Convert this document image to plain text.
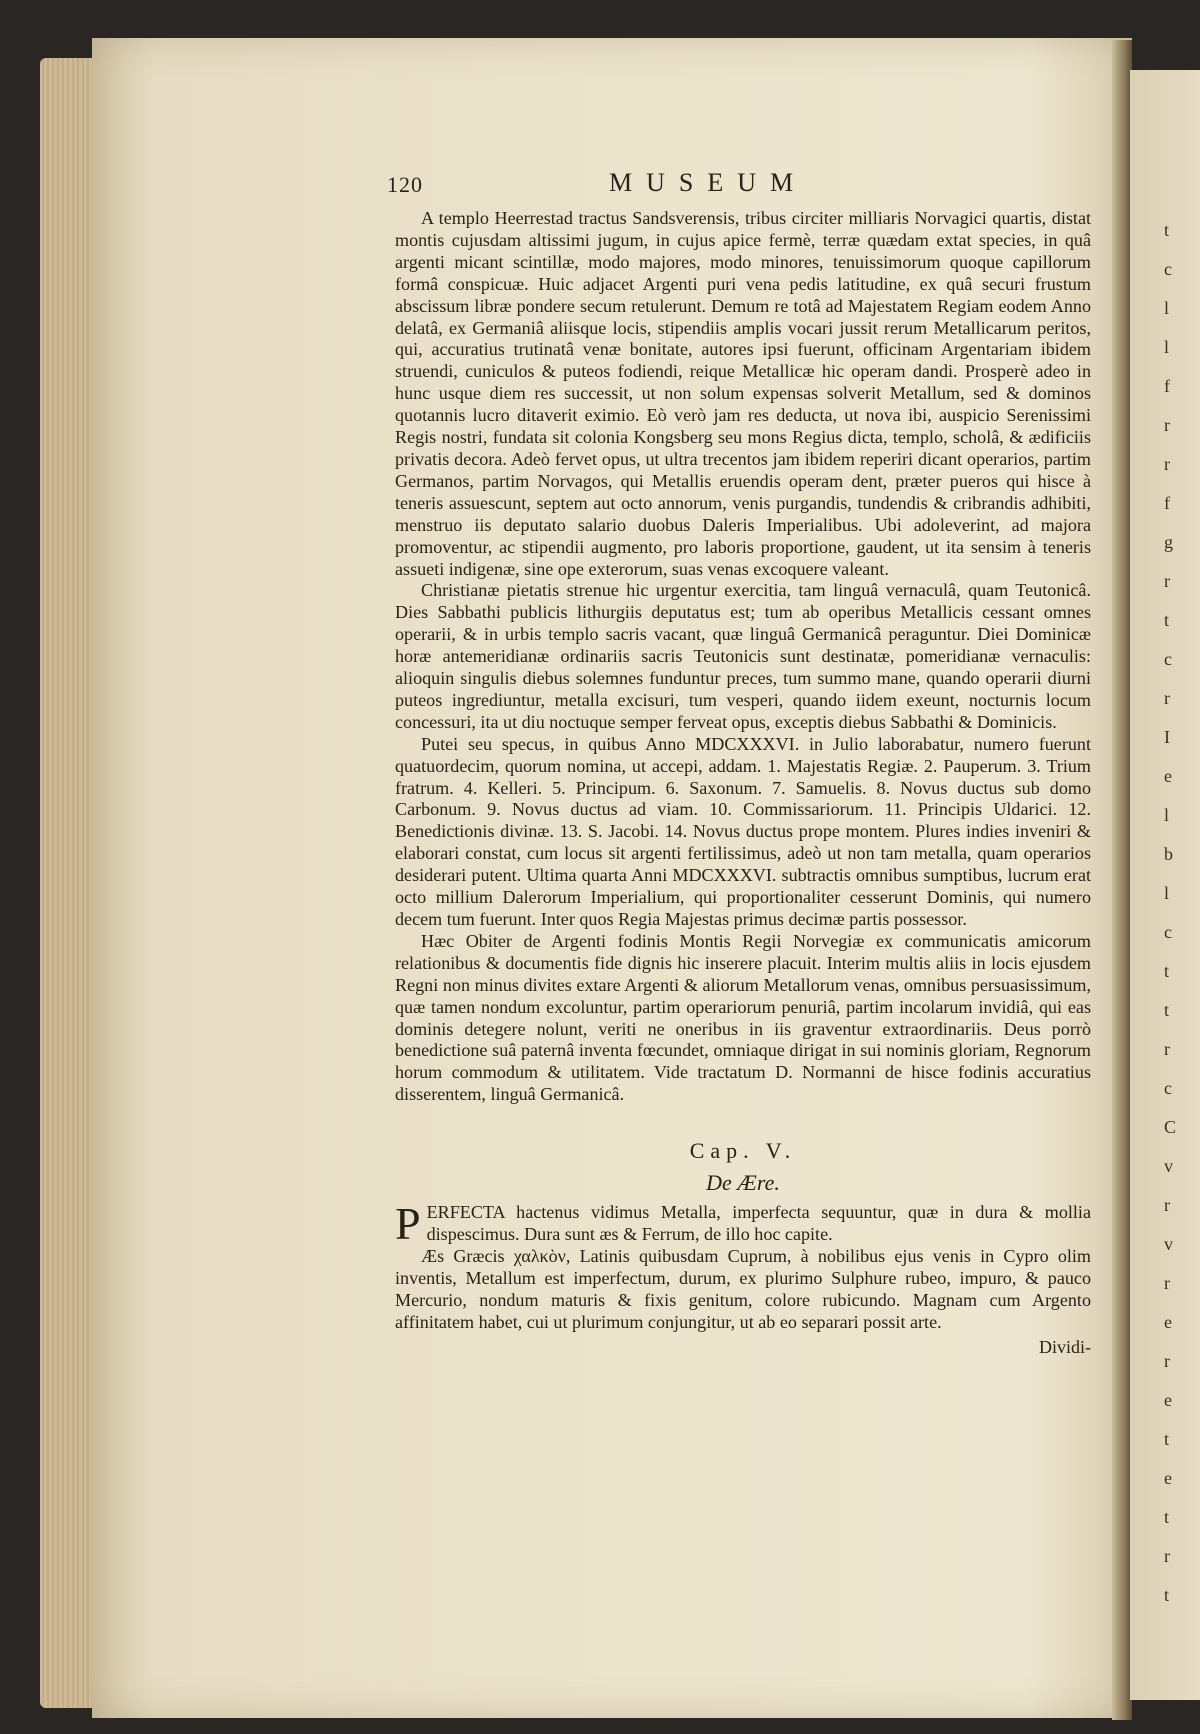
t
c
l
l
f
r
r
f
g
r
t
c
r
I
e
l
b
l
c
t
t
r
c
C
v
r
v
r
e
r
e
t
e
t
r
t
120	MUSEUM

A templo Heerrestad tractus Sandsverensis, tribus circiter milliaris Norvagici quartis, distat montis cujusdam altissimi jugum, in cujus apice fermè, terræ quædam extat species, in quâ argenti micant scintillæ, modo majores, modo minores, tenuissimorum quoque capillorum formâ conspicuæ. Huic adjacet Argenti puri vena pedis latitudine, ex quâ securi frustum abscissum libræ pondere secum retulerunt. Demum re totâ ad Majestatem Regiam eodem Anno delatâ, ex Germaniâ aliisque locis, stipendiis amplis vocari jussit rerum Metallicarum peritos, qui, accuratius trutinatâ venæ bonitate, autores ipsi fuerunt, officinam Argentariam ibidem struendi, cuniculos & puteos fodiendi, reique Metallicæ hic operam dandi. Prosperè adeo in hunc usque diem res successit, ut non solum expensas solverit Metallum, sed & dominos quotannis lucro ditaverit eximio. Eò verò jam res deducta, ut nova ibi, auspicio Serenissimi Regis nostri, fundata sit colonia Kongsberg seu mons Regius dicta, templo, scholâ, & ædificiis privatis decora. Adeò fervet opus, ut ultra trecentos jam ibidem reperiri dicant operarios, partim Germanos, partim Norvagos, qui Metallis eruendis operam dent, præter pueros qui hisce à teneris assuescunt, septem aut octo annorum, venis purgandis, tundendis & cribrandis adhibiti, menstruo iis deputato salario duobus Daleris Imperialibus. Ubi adoleverint, ad majora promoventur, ac stipendii augmento, pro laboris proportione, gaudent, ut ita sensim à teneris assueti indigenæ, sine ope exterorum, suas venas excoquere valeant.

Christianæ pietatis strenue hic urgentur exercitia, tam linguâ vernaculâ, quam Teutonicâ. Dies Sabbathi publicis lithurgiis deputatus est; tum ab operibus Metallicis cessant omnes operarii, & in urbis templo sacris vacant, quæ linguâ Germanicâ peraguntur. Diei Dominicæ horæ antemeridianæ ordinariis sacris Teutonicis sunt destinatæ, pomeridianæ vernaculis: alioquin singulis diebus solemnes funduntur preces, tum summo mane, quando operarii diurni puteos ingrediuntur, metalla excisuri, tum vesperi, quando iidem exeunt, nocturnis locum concessuri, ita ut diu noctuque semper ferveat opus, exceptis diebus Sabbathi & Dominicis.

Putei seu specus, in quibus Anno MDCXXXVI. in Julio laborabatur, numero fuerunt quatuordecim, quorum nomina, ut accepi, addam. 1. Majestatis Regiæ. 2. Pauperum. 3. Trium fratrum. 4. Kelleri. 5. Principum. 6. Saxonum. 7. Samuelis. 8. Novus ductus sub domo Carbonum. 9. Novus ductus ad viam. 10. Commissariorum. 11. Principis Uldarici. 12. Benedictionis divinæ. 13. S. Jacobi. 14. Novus ductus prope montem. Plures indies inveniri & elaborari constat, cum locus sit argenti fertilissimus, adeò ut non tam metalla, quam operarios desiderari putent. Ultima quarta Anni MDCXXXVI. subtractis omnibus sumptibus, lucrum erat octo millium Dalerorum Imperialium, qui proportionaliter cesserunt Dominis, qui numero decem tum fuerunt. Inter quos Regia Majestas primus decimæ partis possessor.

Hæc Obiter de Argenti fodinis Montis Regii Norvegiæ ex communicatis amicorum relationibus & documentis fide dignis hic inserere placuit. Interim multis aliis in locis ejusdem Regni non minus divites extare Argenti & aliorum Metallorum venas, omnibus persuasissimum, quæ tamen nondum excoluntur, partim operariorum penuriâ, partim incolarum invidiâ, qui eas dominis detegere nolunt, veriti ne oneribus in iis graventur extraordinariis. Deus porrò benedictione suâ paternâ inventa fœcundet, omniaque dirigat in sui nominis gloriam, Regnorum horum commodum & utilitatem. Vide tractatum D. Normanni de hisce fodinis accuratius disserentem, linguâ Germanicâ.

Cap. V.
De Ære.

PERFECTA hactenus vidimus Metalla, imperfecta sequuntur, quæ in dura & mollia dispescimus. Dura sunt æs & Ferrum, de illo hoc capite.

Æs Græcis χαλκὸν, Latinis quibusdam Cuprum, à nobilibus ejus venis in Cypro olim inventis, Metallum est imperfectum, durum, ex plurimo Sulphure rubeo, impuro, & pauco Mercurio, nondum maturis & fixis genitum, colore rubicundo. Magnam cum Argento affinitatem habet, cui ut plurimum conjungitur, ut ab eo separari possit arte.

Dividi-
